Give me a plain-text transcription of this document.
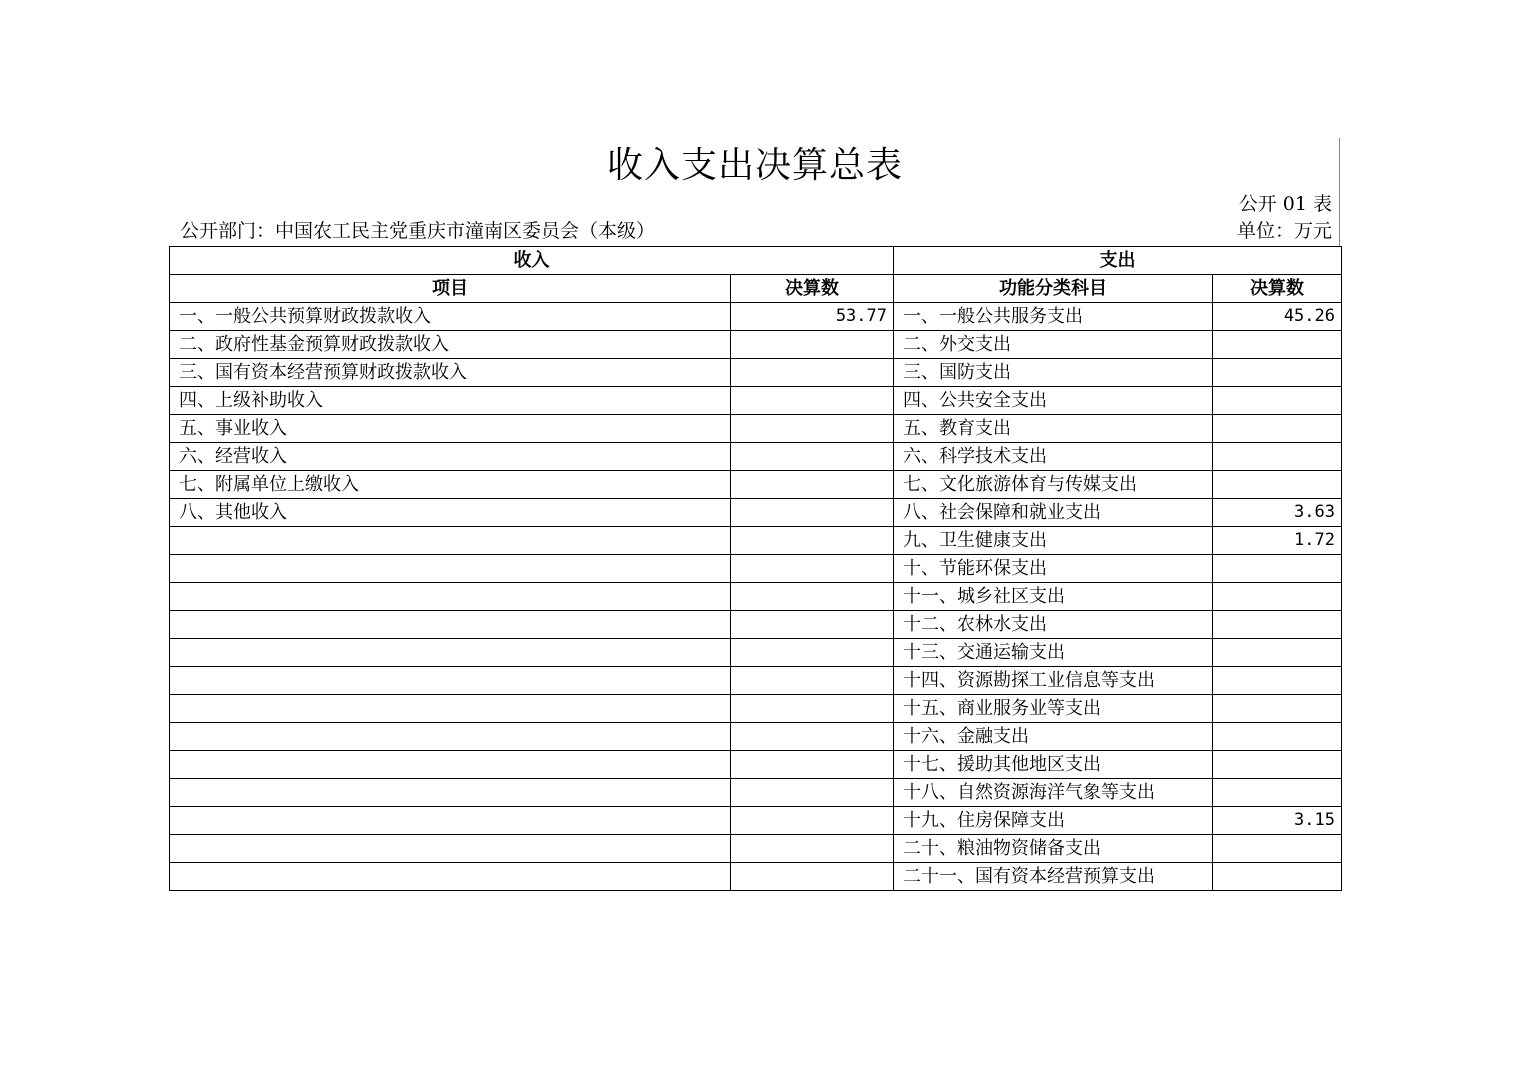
收入支出决算总表
公开 01 表
公开部门：中国农工民主党重庆市潼南区委员会（本级）	单位：万元
收入		支出	
项目	决算数	功能分类科目	决算数
一、一般公共预算财政拨款收入	53.77	一、一般公共服务支出	45.26
二、政府性基金预算财政拨款收入		二、外交支出	
三、国有资本经营预算财政拨款收入		三、国防支出	
四、上级补助收入		四、公共安全支出	
五、事业收入		五、教育支出	
六、经营收入		六、科学技术支出	
七、附属单位上缴收入		七、文化旅游体育与传媒支出	
八、其他收入		八、社会保障和就业支出	3.63
		九、卫生健康支出	1.72
		十、节能环保支出	
		十一、城乡社区支出	
		十二、农林水支出	
		十三、交通运输支出	
		十四、资源勘探工业信息等支出	
		十五、商业服务业等支出	
		十六、金融支出	
		十七、援助其他地区支出	
		十八、自然资源海洋气象等支出	
		十九、住房保障支出	3.15
		二十、粮油物资储备支出	
		二十一、国有资本经营预算支出	
